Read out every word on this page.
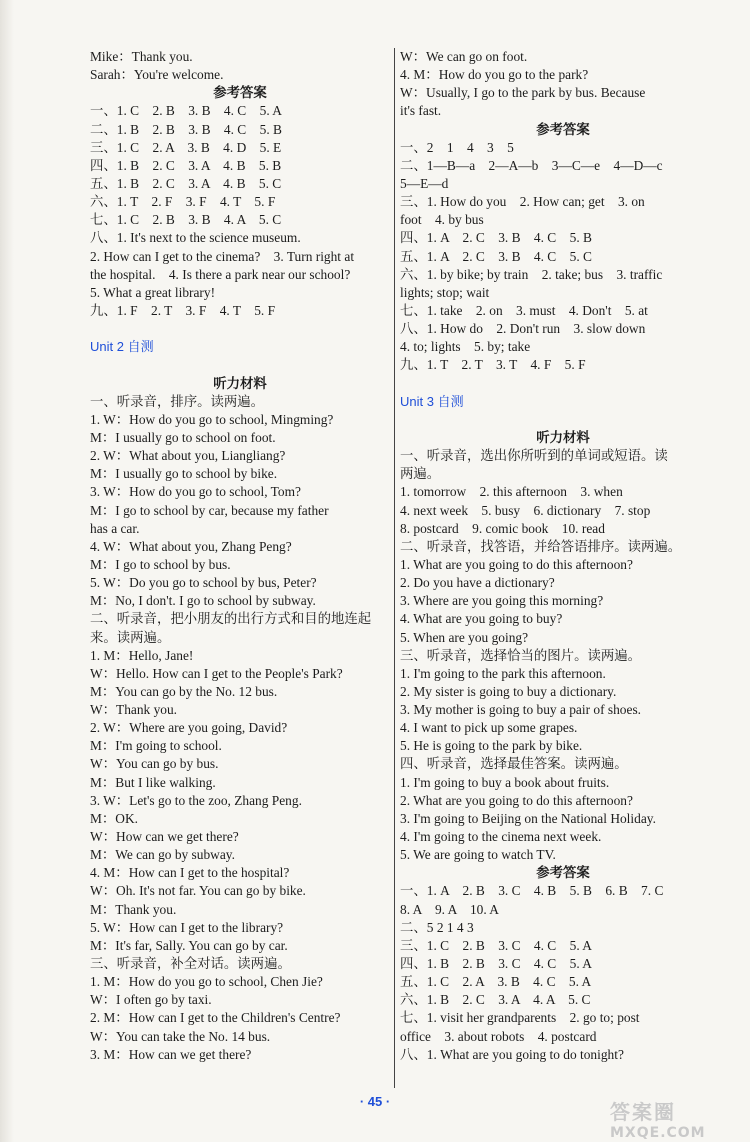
Mike：Thank you.
Sarah：You're welcome.
参考答案
一、1. C　2. B　3. B　4. C　5. A
二、1. B　2. B　3. B　4. C　5. B
三、1. C　2. A　3. B　4. D　5. E
四、1. B　2. C　3. A　4. B　5. B
五、1. B　2. C　3. A　4. B　5. C
六、1. T　2. F　3. F　4. T　5. F
七、1. C　2. B　3. B　4. A　5. C
八、1. It's next to the science museum.
2. How can I get to the cinema?　3. Turn right at
the hospital.　4. Is there a park near our school?
5. What a great library!
九、1. F　2. T　3. F　4. T　5. F
Unit 2 自测
听力材料
一、听录音，排序。读两遍。
1. W：How do you go to school, Mingming?
M：I usually go to school on foot.
2. W：What about you, Liangliang?
M：I usually go to school by bike.
3. W：How do you go to school, Tom?
M：I go to school by car, because my father
has a car.
4. W：What about you, Zhang Peng?
M：I go to school by bus.
5. W：Do you go to school by bus, Peter?
M：No, I don't. I go to school by subway.
二、听录音，把小朋友的出行方式和目的地连起
来。读两遍。
1. M：Hello, Jane!
W：Hello. How can I get to the People's Park?
M：You can go by the No. 12 bus.
W：Thank you.
2. W：Where are you going, David?
M：I'm going to school.
W：You can go by bus.
M：But I like walking.
3. W：Let's go to the zoo, Zhang Peng.
M：OK.
W：How can we get there?
M：We can go by subway.
4. M：How can I get to the hospital?
W：Oh. It's not far. You can go by bike.
M：Thank you.
5. W：How can I get to the library?
M：It's far, Sally. You can go by car.
三、听录音，补全对话。读两遍。
1. M：How do you go to school, Chen Jie?
W：I often go by taxi.
2. M：How can I get to the Children's Centre?
W：You can take the No. 14 bus.
3. M：How can we get there?
W：We can go on foot.
4. M：How do you go to the park?
W：Usually, I go to the park by bus. Because
it's fast.
参考答案
一、2　1　4　3　5
二、1—B—a　2—A—b　3—C—e　4—D—c
5—E—d
三、1. How do you　2. How can; get　3. on
foot　4. by bus
四、1. A　2. C　3. B　4. C　5. B
五、1. A　2. C　3. B　4. C　5. C
六、1. by bike; by train　2. take; bus　3. traffic
lights; stop; wait
七、1. take　2. on　3. must　4. Don't　5. at
八、1. How do　2. Don't run　3. slow down
4. to; lights　5. by; take
九、1. T　2. T　3. T　4. F　5. F
Unit 3 自测
听力材料
一、听录音，选出你所听到的单词或短语。读
两遍。
1. tomorrow　2. this afternoon　3. when
4. next week　5. busy　6. dictionary　7. stop
8. postcard　9. comic book　10. read
二、听录音，找答语，并给答语排序。读两遍。
1. What are you going to do this afternoon?
2. Do you have a dictionary?
3. Where are you going this morning?
4. What are you going to buy?
5. When are you going?
三、听录音，选择恰当的图片。读两遍。
1. I'm going to the park this afternoon.
2. My sister is going to buy a dictionary.
3. My mother is going to buy a pair of shoes.
4. I want to pick up some grapes.
5. He is going to the park by bike.
四、听录音，选择最佳答案。读两遍。
1. I'm going to buy a book about fruits.
2. What are you going to do this afternoon?
3. I'm going to Beijing on the National Holiday.
4. I'm going to the cinema next week.
5. We are going to watch TV.
参考答案
一、1. A　2. B　3. C　4. B　5. B　6. B　7. C
8. A　9. A　10. A
二、5 2 1 4 3
三、1. C　2. B　3. C　4. C　5. A
四、1. B　2. B　3. C　4. C　5. A
五、1. C　2. A　3. B　4. C　5. A
六、1. B　2. C　3. A　4. A　5. C
七、1. visit her grandparents　2. go to; post
office　3. about robots　4. postcard
八、1. What are you going to do tonight?
· 45 ·	答案圈
MXQE.COM
